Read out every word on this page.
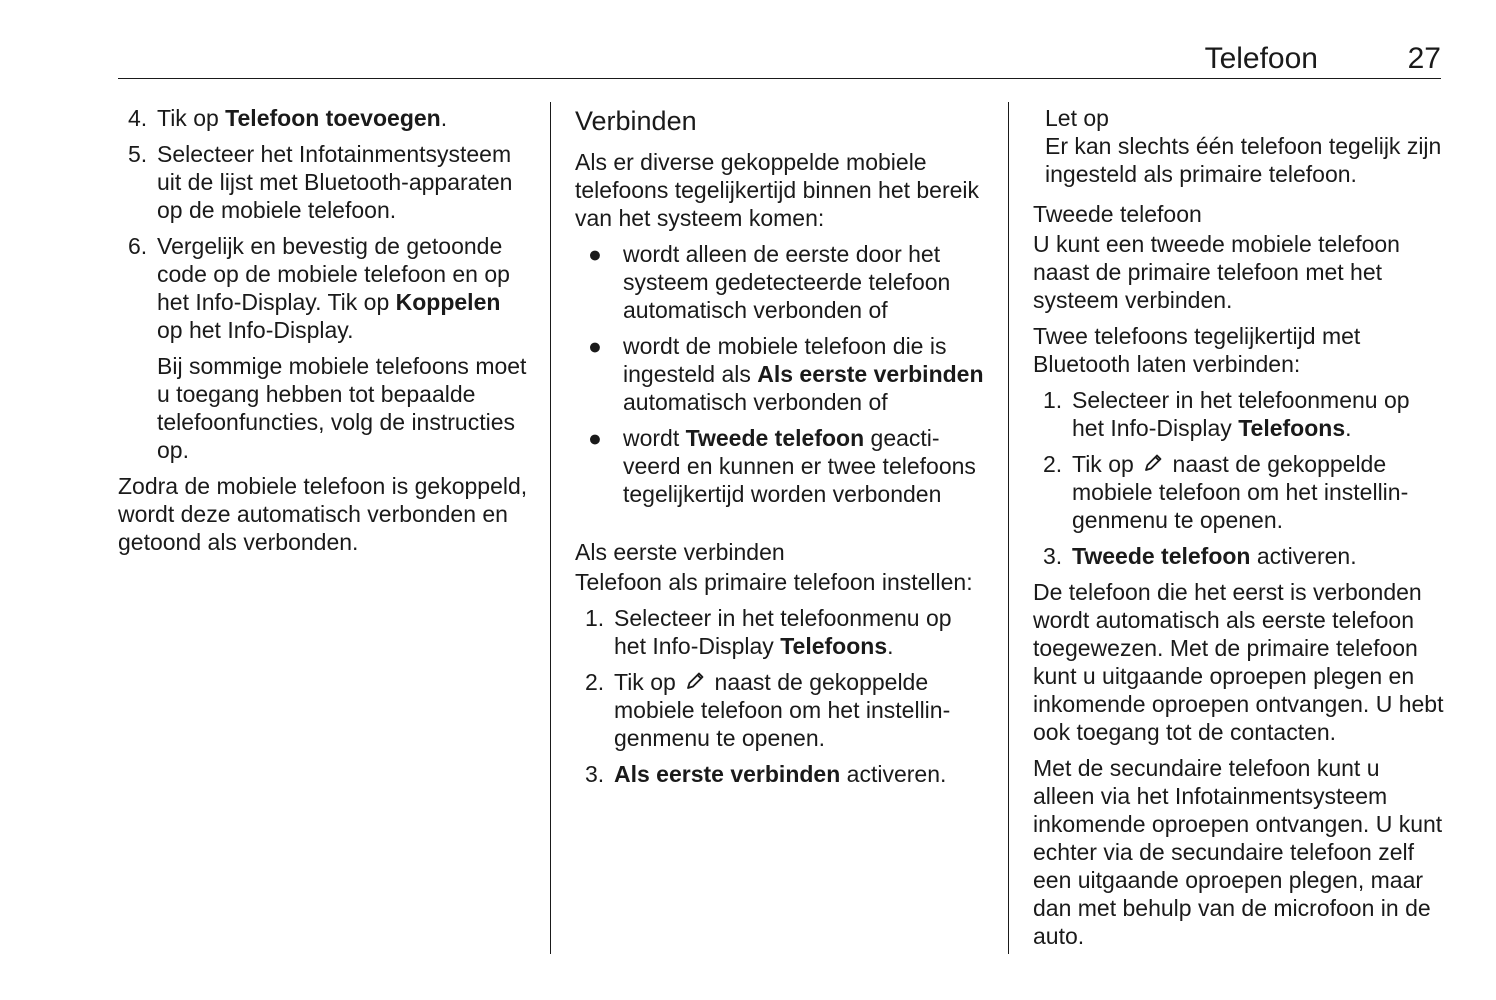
Telefoon	27
4. Tik op Telefoon toevoegen.
5. Selecteer het Infotainmentsysteem uit de lijst met Bluetooth-apparaten op de mobiele telefoon.
6. Vergelijk en bevestig de getoonde code op de mobiele telefoon en op het Info-Display. Tik op Koppelen op het Info-Display.

Bij sommige mobiele telefoons moet u toegang hebben tot bepaalde telefoonfuncties, volg de instructies op.

Zodra de mobiele telefoon is gekoppeld, wordt deze automatisch verbonden en getoond als verbonden.

Verbinden

Als er diverse gekoppelde mobiele telefoons tegelijkertijd binnen het bereik van het systeem komen:

● wordt alleen de eerste door het systeem gedetecteerde telefoon automatisch verbonden of
● wordt de mobiele telefoon die is ingesteld als Als eerste verbinden automatisch verbonden of
● wordt Tweede telefoon geactiveerd en kunnen er twee telefoons tegelijkertijd worden verbonden
Als eerste verbinden

Telefoon als primaire telefoon instellen:

1. Selecteer in het telefoonmenu op het Info-Display Telefoons.
2. Tik op  naast de gekoppelde mobiele telefoon om het instellingenmenu te openen.
3. Als eerste verbinden activeren.
Let op
Er kan slechts één telefoon tegelijk zijn ingesteld als primaire telefoon.
Tweede telefoon

U kunt een tweede mobiele telefoon naast de primaire telefoon met het systeem verbinden.

Twee telefoons tegelijkertijd met Bluetooth laten verbinden:

1. Selecteer in het telefoonmenu op het Info-Display Telefoons.
2. Tik op  naast de gekoppelde mobiele telefoon om het instellingenmenu te openen.
3. Tweede telefoon activeren.

De telefoon die het eerst is verbonden wordt automatisch als eerste telefoon toegewezen. Met de primaire telefoon kunt u uitgaande oproepen plegen en inkomende oproepen ontvangen. U hebt ook toegang tot de contacten.

Met de secundaire telefoon kunt u alleen via het Infotainmentsysteem inkomende oproepen ontvangen. U kunt echter via de secundaire telefoon zelf een uitgaande oproepen plegen, maar dan met behulp van de microfoon in de auto.
